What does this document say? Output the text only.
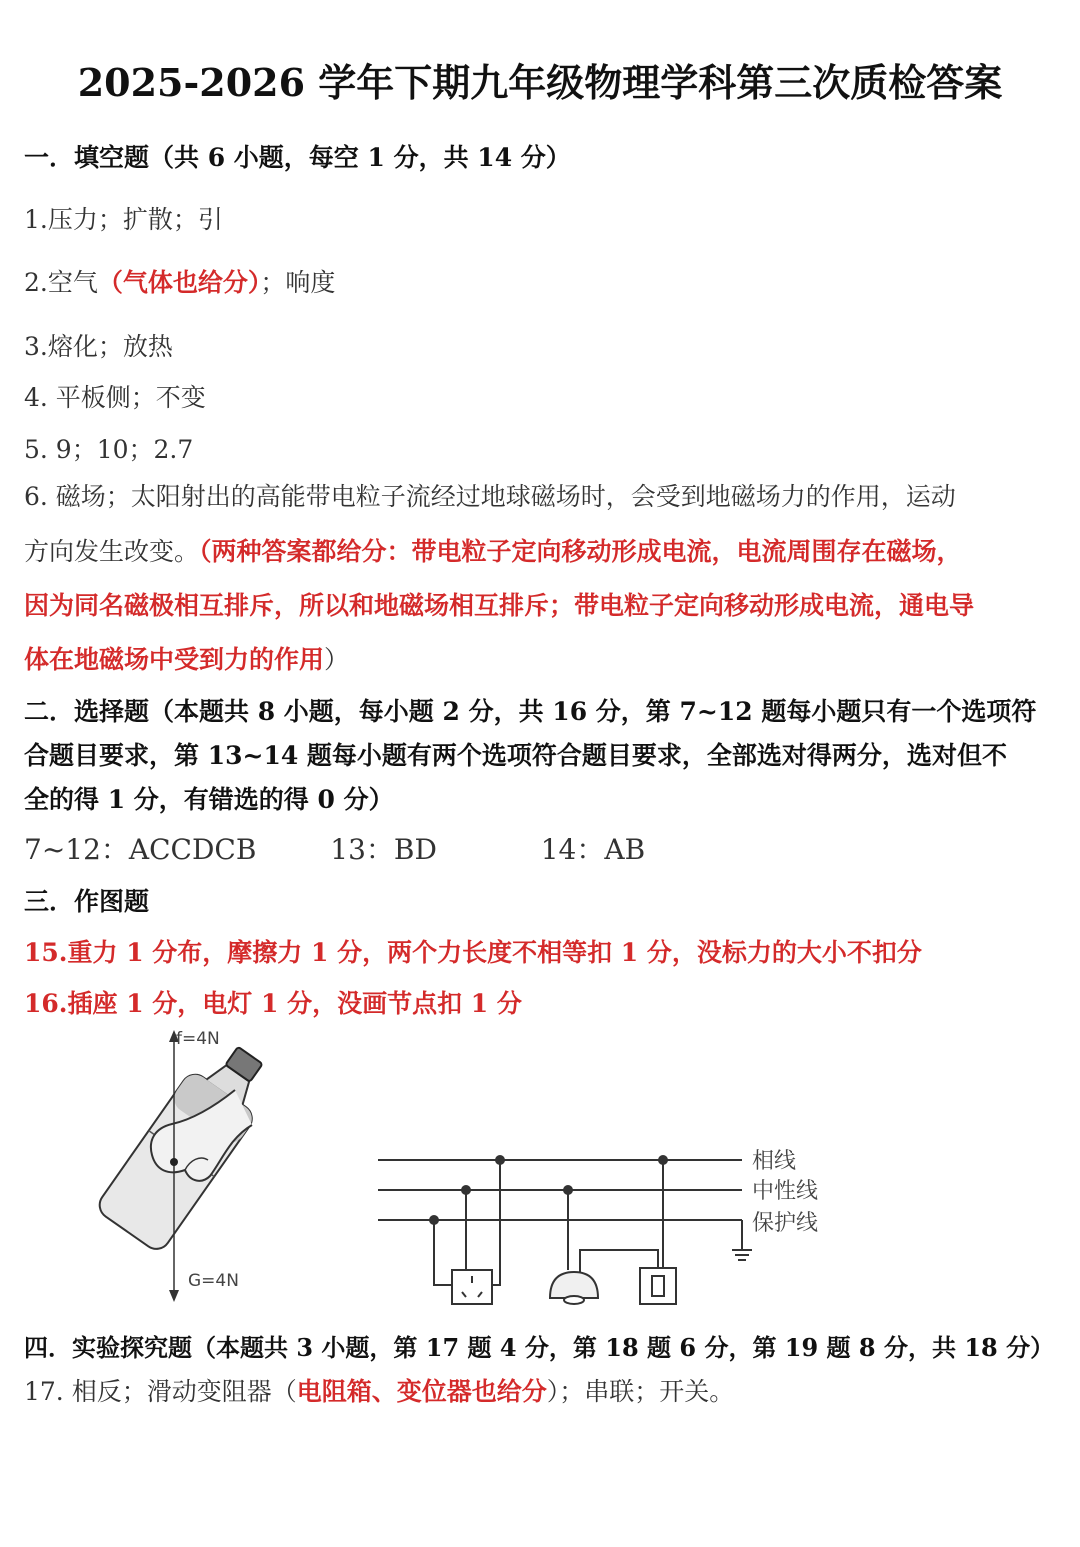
2025-2026 学年下期九年级物理学科第三次质检答案
一．填空题（共 6 小题，每空 1 分，共 14 分）
1.压力；扩散；引
2.空气（气体也给分）；响度
3.熔化；放热
4. 平板侧；不变
5. 9；10；2.7
6. 磁场；太阳射出的高能带电粒子流经过地球磁场时，会受到地磁场力的作用，运动
方向发生改变。（两种答案都给分：带电粒子定向移动形成电流，电流周围存在磁场，
因为同名磁极相互排斥，所以和地磁场相互排斥；带电粒子定向移动形成电流，通电导
体在地磁场中受到力的作用）
二．选择题（本题共 8 小题，每小题 2 分，共 16 分，第 7~12 题每小题只有一个选项符
合题目要求，第 13~14 题每小题有两个选项符合题目要求，全部选对得两分，选对但不
全的得 1 分，有错选的得 0 分）
7~12：ACCDCB	13：BD	14：AB
三．作图题
15.重力 1 分布，摩擦力 1 分，两个力长度不相等扣 1 分，没标力的大小不扣分
16.插座 1 分，电灯 1 分，没画节点扣 1 分
f=4N
G=4N
相线
中性线
保护线
四．实验探究题（本题共 3 小题，第 17 题 4 分，第 18 题 6 分，第 19 题 8 分，共 18 分）
17. 相反；滑动变阻器（电阻箱、变位器也给分）；串联；开关。
